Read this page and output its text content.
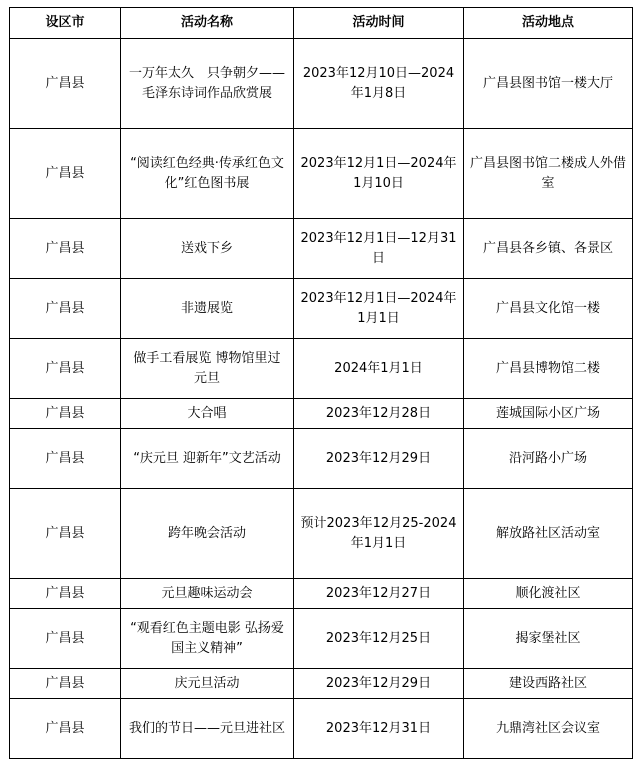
设区市	活动名称	活动时间	活动地点
广昌县	一万年太久　只争朝夕——毛泽东诗词作品欣赏展	2023年12月10日—2024年1月8日	广昌县图书馆一楼大厅
广昌县	“阅读红色经典·传承红色文化”红色图书展	2023年12月1日—2024年1月10日	广昌县图书馆二楼成人外借室
广昌县	送戏下乡	2023年12月1日—12月31日	广昌县各乡镇、各景区
广昌县	非遗展览	2023年12月1日—2024年1月1日	广昌县文化馆一楼
广昌县	做手工看展览 博物馆里过元旦	2024年1月1日	广昌县博物馆二楼
广昌县	大合唱	2023年12月28日	莲城国际小区广场
广昌县	“庆元旦 迎新年”文艺活动	2023年12月29日	沿河路小广场
广昌县	跨年晚会活动	预计2023年12月25-2024年1月1日	解放路社区活动室
广昌县	元旦趣味运动会	2023年12月27日	顺化渡社区
广昌县	“观看红色主题电影 弘扬爱国主义精神”	2023年12月25日	揭家堡社区
广昌县	庆元旦活动	2023年12月29日	建设西路社区
广昌县	我们的节日——元旦进社区	2023年12月31日	九鼎湾社区会议室
